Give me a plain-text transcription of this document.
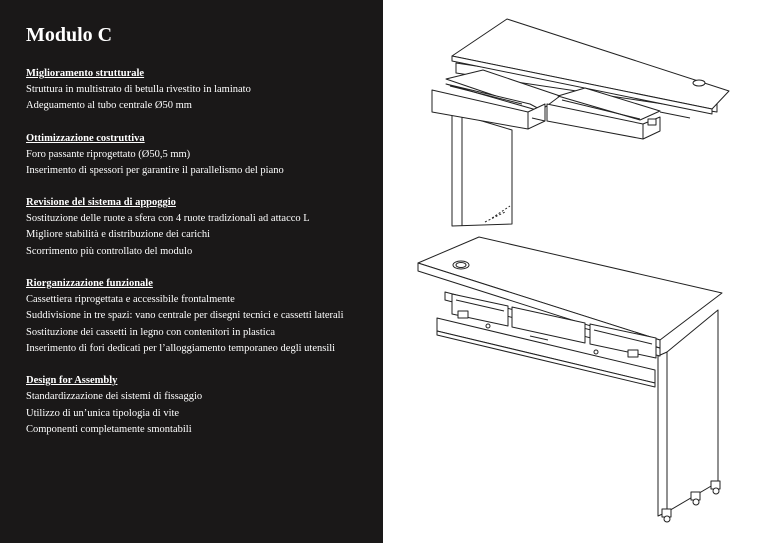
Modulo C

Miglioramento strutturale

Struttura in multistrato di betulla rivestito in laminato

Adeguamento al tubo centrale Ø50 mm

Ottimizzazione costruttiva

Foro passante riprogettato (Ø50,5 mm)

Inserimento di spessori per garantire il parallelismo del piano

Revisione del sistema di appoggio

Sostituzione delle ruote a sfera con 4 ruote tradizionali ad attacco L

Migliore stabilità e distribuzione dei carichi

Scorrimento più controllato del modulo

Riorganizzazione funzionale

Cassettiera riprogettata e accessibile frontalmente

Suddivisione in tre spazi: vano centrale per disegni tecnici e cassetti laterali

Sostituzione dei cassetti in legno con contenitori in plastica

Inserimento di fori dedicati per l’alloggiamento temporaneo degli utensili

Design for Assembly

Standardizzazione dei sistemi di fissaggio

Utilizzo di un’unica tipologia di vite

Componenti completamente smontabili
